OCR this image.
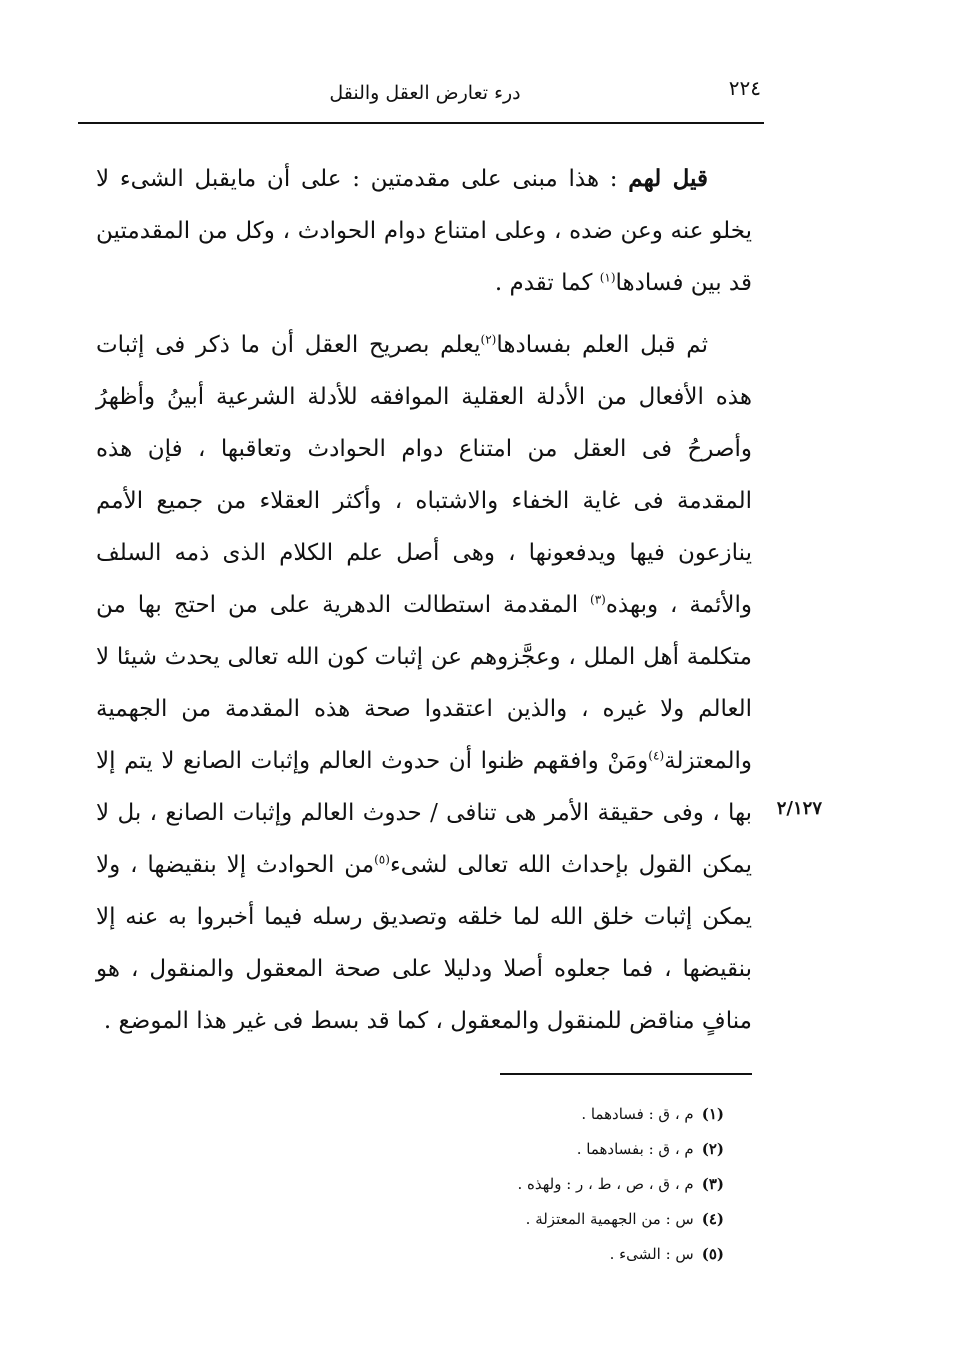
٢٢٤
درء تعارض العقل والنقل

قيل لهم : هذا مبنى على مقدمتين : على أن مايقبل الشىء لا يخلو عنه وعن ضده ، وعلى امتناع دوام الحوادث ، وكل من المقدمتين قد بين فسادها$^{(١)}$ كما تقدم .

ثم قبل العلم بفسادها$^{(٢)}$يعلم بصريح العقل أن ما ذكر فى إثبات هذه الأفعال من الأدلة العقلية الموافقه للأدلة الشرعية أبينُ وأظهرُ وأصرحُ فى العقل من امتناع دوام الحوادث وتعاقبها ، فإن هذه المقدمة فى غاية الخفاء والاشتباه ، وأكثر العقلاء من جميع الأمم ينازعون فيها ويدفعونها ، وهى أصل علم الكلام الذى ذمه السلف والأئمة ، وبهذه$^{(٣)}$ المقدمة استطالت الدهرية على من احتج بها من متكلمة أهل الملل ، وعجَّزوهم عن إثبات كون الله تعالى يحدث شيئا لا العالم ولا غيره ، والذين اعتقدوا صحة هذه المقدمة من الجهمية والمعتزلة$^{(٤)}$ومَنْ وافقهم ظنوا أن حدوث العالم وإثبات الصانع لا يتم إلا بها ، وفى حقيقة الأمر هى تنافى / حدوث العالم وإثبات الصانع ، بل لا يمكن القول بإحداث الله تعالى لشىء$^{(٥)}$من الحوادث إلا بنقيضها ، ولا يمكن إثبات خلق الله لما خلقه وتصديق رسله فيما أخبروا به عنه إلا بنقيضها ، فما جعلوه أصلا ودليلا على صحة المعقول والمنقول ، هو منافٍ مناقض للمنقول والمعقول ، كما قد بسط فى غير هذا الموضع .

٢/١٢٧
(١)
م ، ق : فسادهما .
(٢)
م ، ق : بفسادهما .
(٣)
م ، ق ، ص ، ط ، ر : ولهذه .
(٤)
س : من الجهمية المعتزلة .
(٥)
س : الشىء .
